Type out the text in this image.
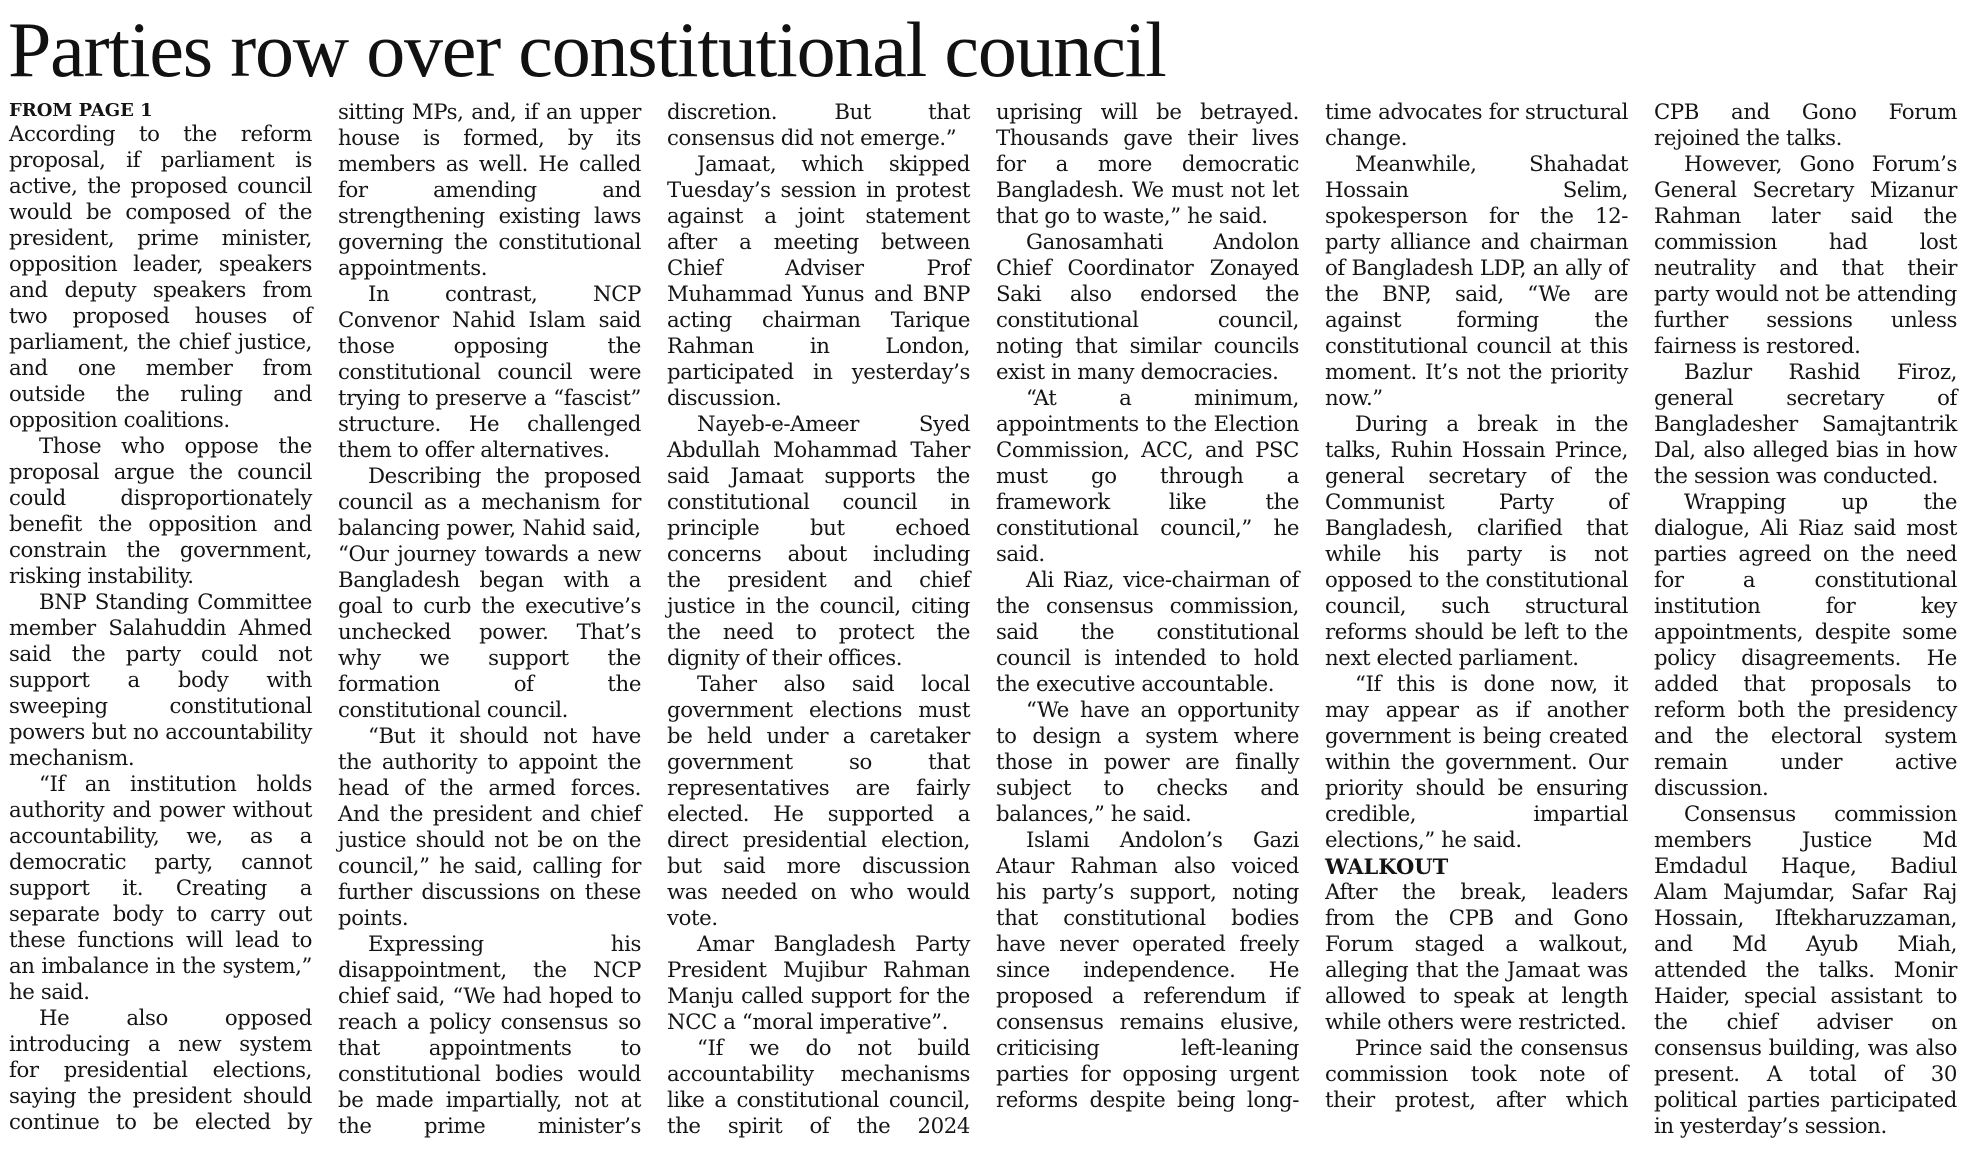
Parties row over constitutional council

FROM PAGE 1

According to the reform proposal, if parliament is active, the proposed council would be composed of the president, prime minister, opposition leader, speakers and deputy speakers from two proposed houses of parliament, the chief justice, and one member from outside the ruling and opposition coalitions.

Those who oppose the proposal argue the council could disproportionately benefit the opposition and constrain the government, risking instability.

BNP Standing Committee member Salahuddin Ahmed said the party could not support a body with sweeping constitutional powers but no accountability mechanism.

“If an institution holds authority and power without accountability, we, as a democratic party, cannot support it. Creating a separate body to carry out these functions will lead to an imbalance in the system,” he said.

He also opposed introducing a new system for presidential elections, saying the president should continue to be elected by sitting MPs, and, if an upper house is formed, by its members as well. He called for amending and strengthening existing laws governing the constitutional appointments.

In contrast, NCP Convenor Nahid Islam said those opposing the constitutional council were trying to preserve a “fascist” structure. He challenged them to offer alternatives.

Describing the proposed council as a mechanism for balancing power, Nahid said, “Our journey towards a new Bangladesh began with a goal to curb the executive’s unchecked power. That’s why we support the formation of the constitutional council.

“But it should not have the authority to appoint the head of the armed forces. And the president and chief justice should not be on the council,” he said, calling for further discussions on these points.

Expressing his disappointment, the NCP chief said, “We had hoped to reach a policy consensus so that appointments to constitutional bodies would be made impartially, not at the prime minister’s discretion. But that consensus did not emerge.”

Jamaat, which skipped Tuesday’s session in protest against a joint statement after a meeting between Chief Adviser Prof Muhammad Yunus and BNP acting chairman Tarique Rahman in London, participated in yesterday’s discussion.

Nayeb-e-Ameer Syed Abdullah Mohammad Taher said Jamaat supports the constitutional council in principle but echoed concerns about including the president and chief justice in the council, citing the need to protect the dignity of their offices.

Taher also said local government elections must be held under a caretaker government so that representatives are fairly elected. He supported a direct presidential election, but said more discussion was needed on who would vote.

Amar Bangladesh Party President Mujibur Rahman Manju called support for the NCC a “moral imperative”.

“If we do not build accountability mechanisms like a constitutional council, the spirit of the 2024 uprising will be betrayed. Thousands gave their lives for a more democratic Bangladesh. We must not let that go to waste,” he said.

Ganosamhati Andolon Chief Coordinator Zonayed Saki also endorsed the constitutional council, noting that similar councils exist in many democracies.

“At a minimum, appointments to the Election Commission, ACC, and PSC must go through a framework like the constitutional council,” he said.

Ali Riaz, vice-chairman of the consensus commission, said the constitutional council is intended to hold the executive accountable.

“We have an opportunity to design a system where those in power are finally subject to checks and balances,” he said.

Islami Andolon’s Gazi Ataur Rahman also voiced his party’s support, noting that constitutional bodies have never operated freely since independence. He proposed a referendum if consensus remains elusive, criticising left-leaning parties for opposing urgent reforms despite being long-time advocates for structural change.

Meanwhile, Shahadat Hossain Selim, spokesperson for the 12-party alliance and chairman of Bangladesh LDP, an ally of the BNP, said, “We are against forming the constitutional council at this moment. It’s not the priority now.”

During a break in the talks, Ruhin Hossain Prince, general secretary of the Communist Party of Bangladesh, clarified that while his party is not opposed to the constitutional council, such structural reforms should be left to the next elected parliament.

“If this is done now, it may appear as if another government is being created within the government. Our priority should be ensuring credible, impartial elections,” he said.

WALKOUT

After the break, leaders from the CPB and Gono Forum staged a walkout, alleging that the Jamaat was allowed to speak at length while others were restricted.

Prince said the consensus commission took note of their protest, after which CPB and Gono Forum rejoined the talks.

However, Gono Forum’s General Secretary Mizanur Rahman later said the commission had lost neutrality and that their party would not be attending further sessions unless fairness is restored.

Bazlur Rashid Firoz, general secretary of Bangladesher Samajtantrik Dal, also alleged bias in how the session was conducted.

Wrapping up the dialogue, Ali Riaz said most parties agreed on the need for a constitutional institution for key appointments, despite some policy disagreements. He added that proposals to reform both the presidency and the electoral system remain under active discussion.

Consensus commission members Justice Md Emdadul Haque, Badiul Alam Majumdar, Safar Raj Hossain, Iftekharuzzaman, and Md Ayub Miah, attended the talks. Monir Haider, special assistant to the chief adviser on consensus building, was also present. A total of 30 political parties participated in yesterday’s session.
